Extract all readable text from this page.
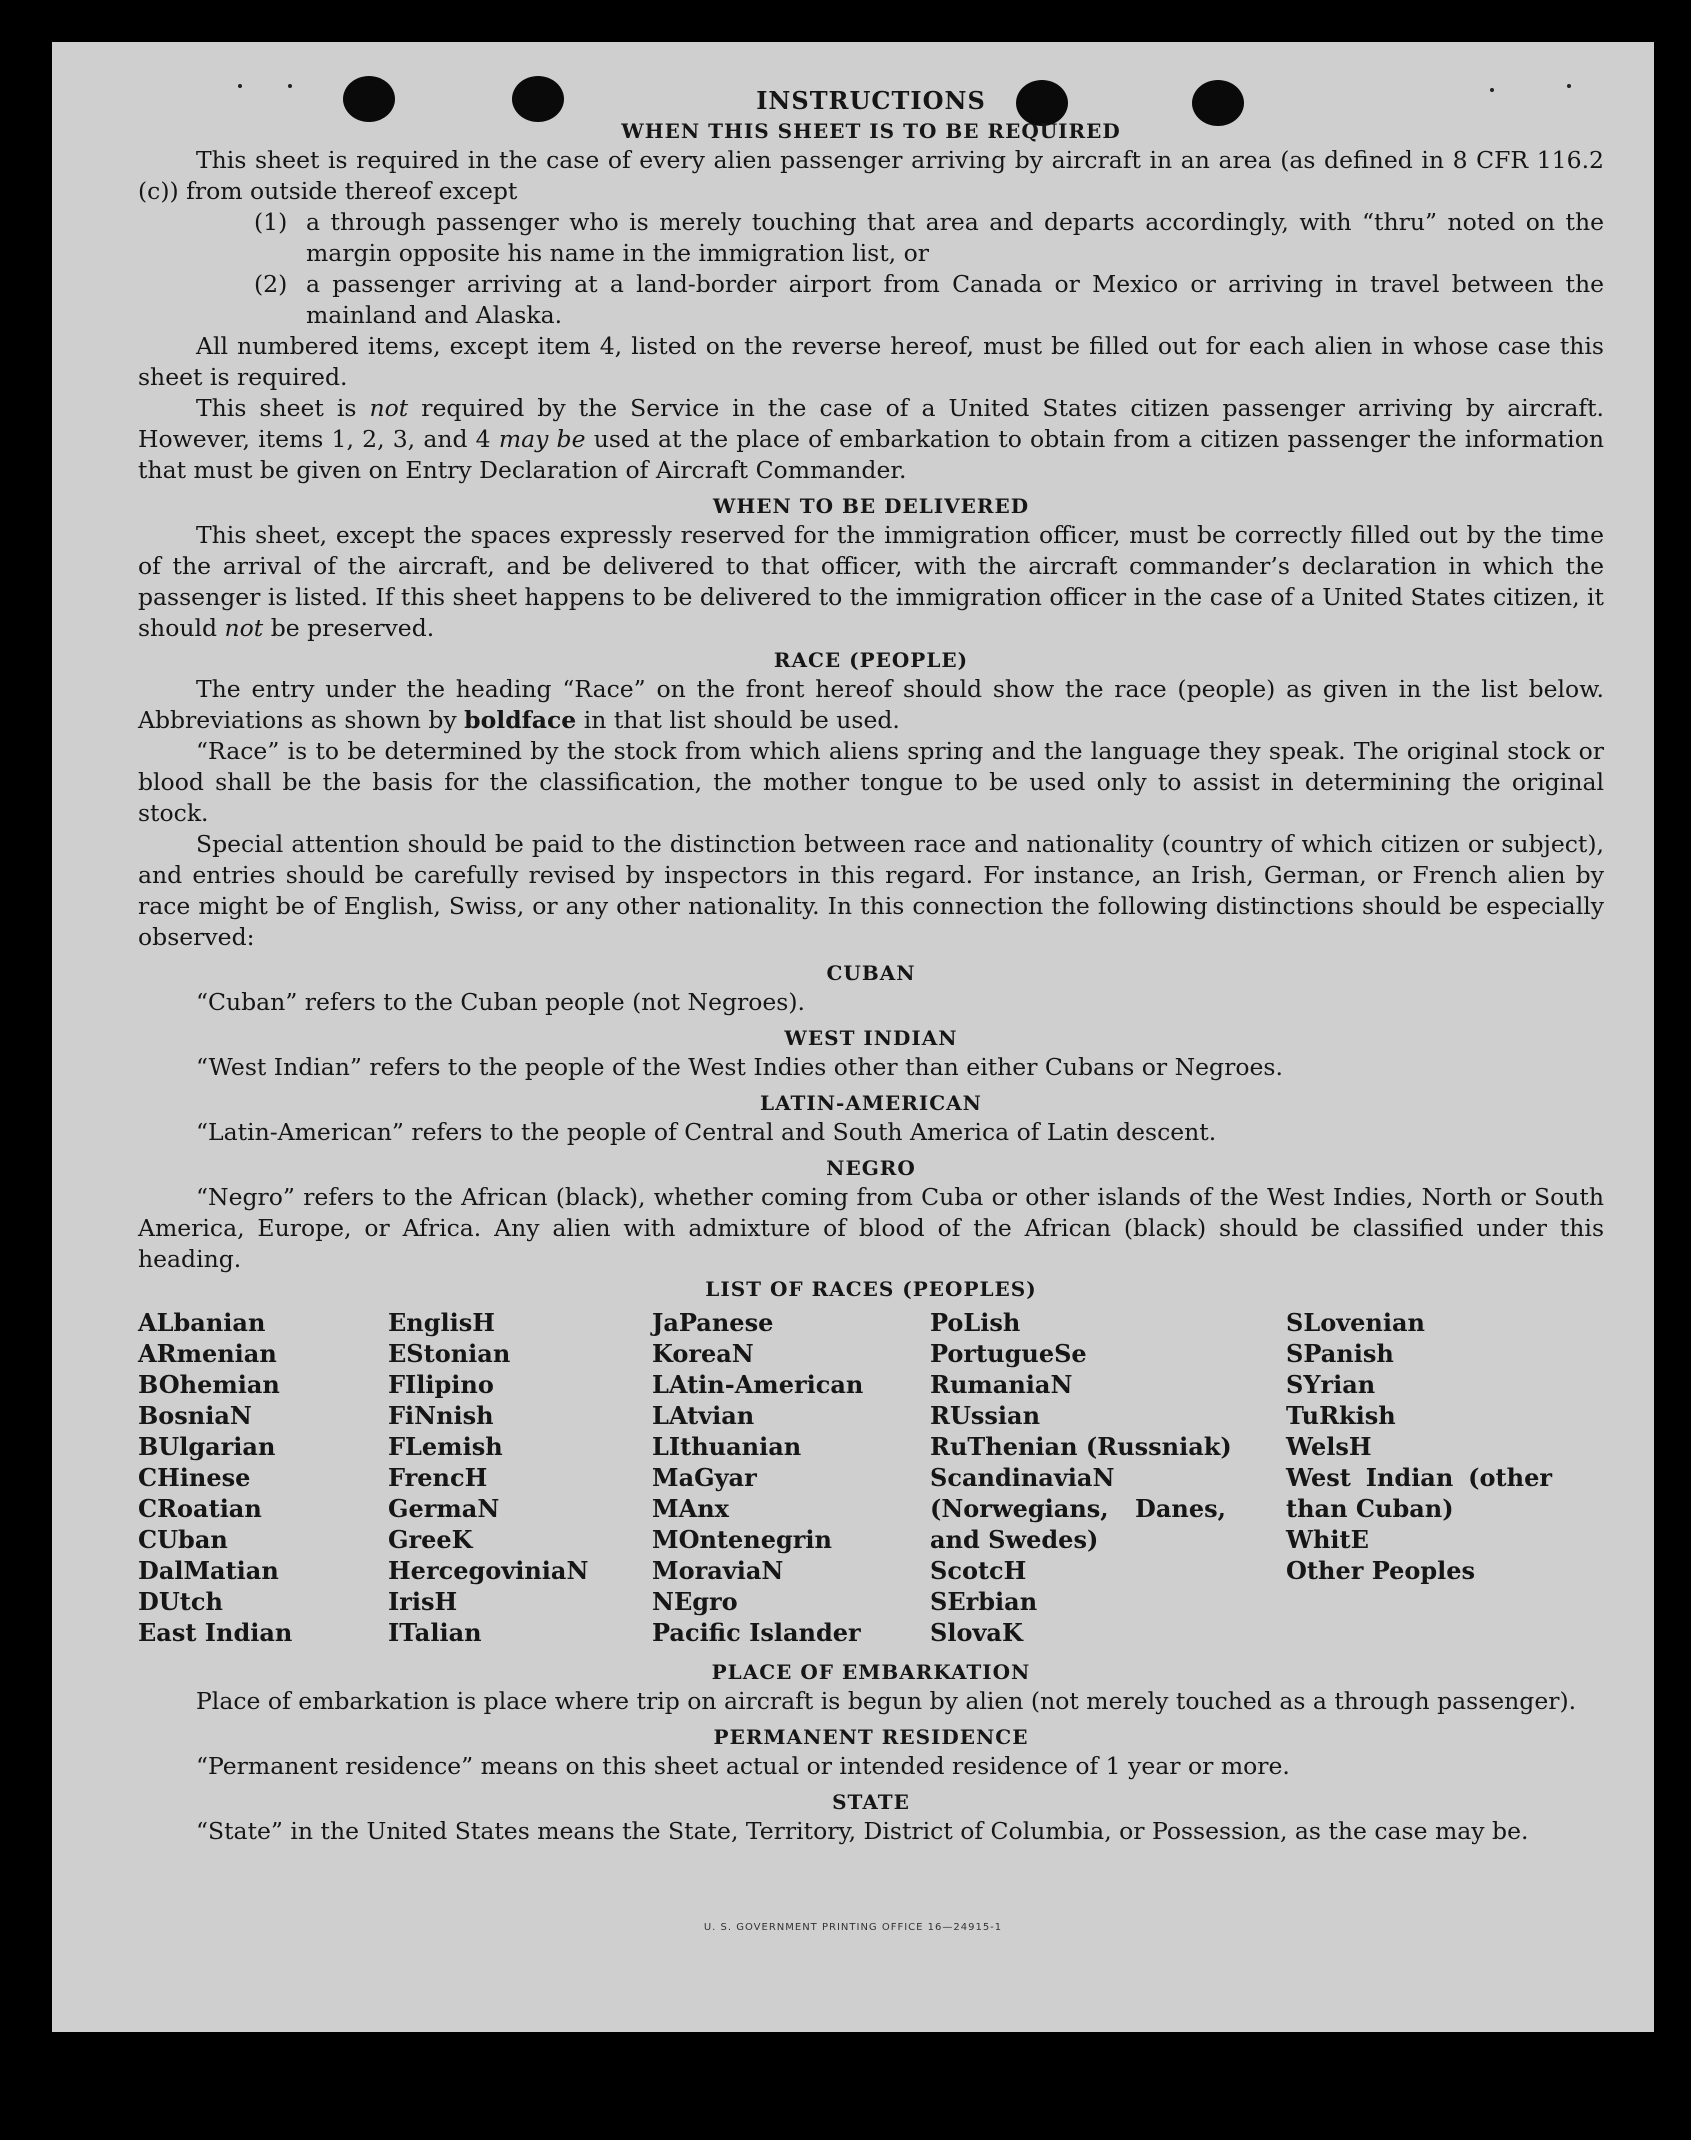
INSTRUCTIONS
WHEN THIS SHEET IS TO BE REQUIRED

This sheet is required in the case of every alien passenger arriving by aircraft in an area (as defined in 8 CFR 116.2 (c)) from outside thereof except

(1) a through passenger who is merely touching that area and departs accordingly, with “thru” noted on the margin opposite his name in the immigration list, or
(2) a passenger arriving at a land-border airport from Canada or Mexico or arriving in travel between the mainland and Alaska.

All numbered items, except item 4, listed on the reverse hereof, must be filled out for each alien in whose case this sheet is required.

This sheet is not required by the Service in the case of a United States citizen passenger arriving by aircraft. However, items 1, 2, 3, and 4 may be used at the place of embarkation to obtain from a citizen passenger the information that must be given on Entry Declaration of Aircraft Commander.

WHEN TO BE DELIVERED

This sheet, except the spaces expressly reserved for the immigration officer, must be correctly filled out by the time of the arrival of the aircraft, and be delivered to that officer, with the aircraft commander’s declaration in which the passenger is listed. If this sheet happens to be delivered to the immigration officer in the case of a United States citizen, it should not be preserved.

RACE (PEOPLE)

The entry under the heading “Race” on the front hereof should show the race (people) as given in the list below. Abbreviations as shown by boldface in that list should be used.

“Race” is to be determined by the stock from which aliens spring and the language they speak. The original stock or blood shall be the basis for the classification, the mother tongue to be used only to assist in determining the original stock.

Special attention should be paid to the distinction between race and nationality (country of which citizen or subject), and entries should be carefully revised by inspectors in this regard. For instance, an Irish, German, or French alien by race might be of English, Swiss, or any other nationality. In this connection the following distinctions should be especially observed:

CUBAN

“Cuban” refers to the Cuban people (not Negroes).

WEST INDIAN

“West Indian” refers to the people of the West Indies other than either Cubans or Negroes.

LATIN-AMERICAN

“Latin-American” refers to the people of Central and South America of Latin descent.

NEGRO

“Negro” refers to the African (black), whether coming from Cuba or other islands of the West Indies, North or South America, Europe, or Africa. Any alien with admixture of blood of the African (black) should be classified under this heading.

LIST OF RACES (PEOPLES)
ALbanian
ARmenian
BOhemian
BosniaN
BUlgarian
CHinese
CRoatian
CUban
DalMatian
DUtch
East Indian
EnglisH
EStonian
FIlipino
FiNnish
FLemish
FrencH
GermaN
GreeK
HercegoviniaN
IrisH
ITalian
JaPanese
KoreaN
LAtin-American
LAtvian
LIthuanian
MaGyar
MAnx
MOntenegrin
MoraviaN
NEgro
Pacific Islander
PoLish
PortugueSe
RumaniaN
RUssian
RuThenian (Russniak)
ScandinaviaN (Norwegians, Danes, and Swedes)
ScotcH
SErbian
SlovaK
SLovenian
SPanish
SYrian
TuRkish
WelsH
West Indian (other than Cuban)
WhitE
Other Peoples
PLACE OF EMBARKATION

Place of embarkation is place where trip on aircraft is begun by alien (not merely touched as a through passenger).

PERMANENT RESIDENCE

“Permanent residence” means on this sheet actual or intended residence of 1 year or more.

STATE

“State” in the United States means the State, Territory, District of Columbia, or Possession, as the case may be.

U. S. GOVERNMENT PRINTING OFFICE 16—24915-1
